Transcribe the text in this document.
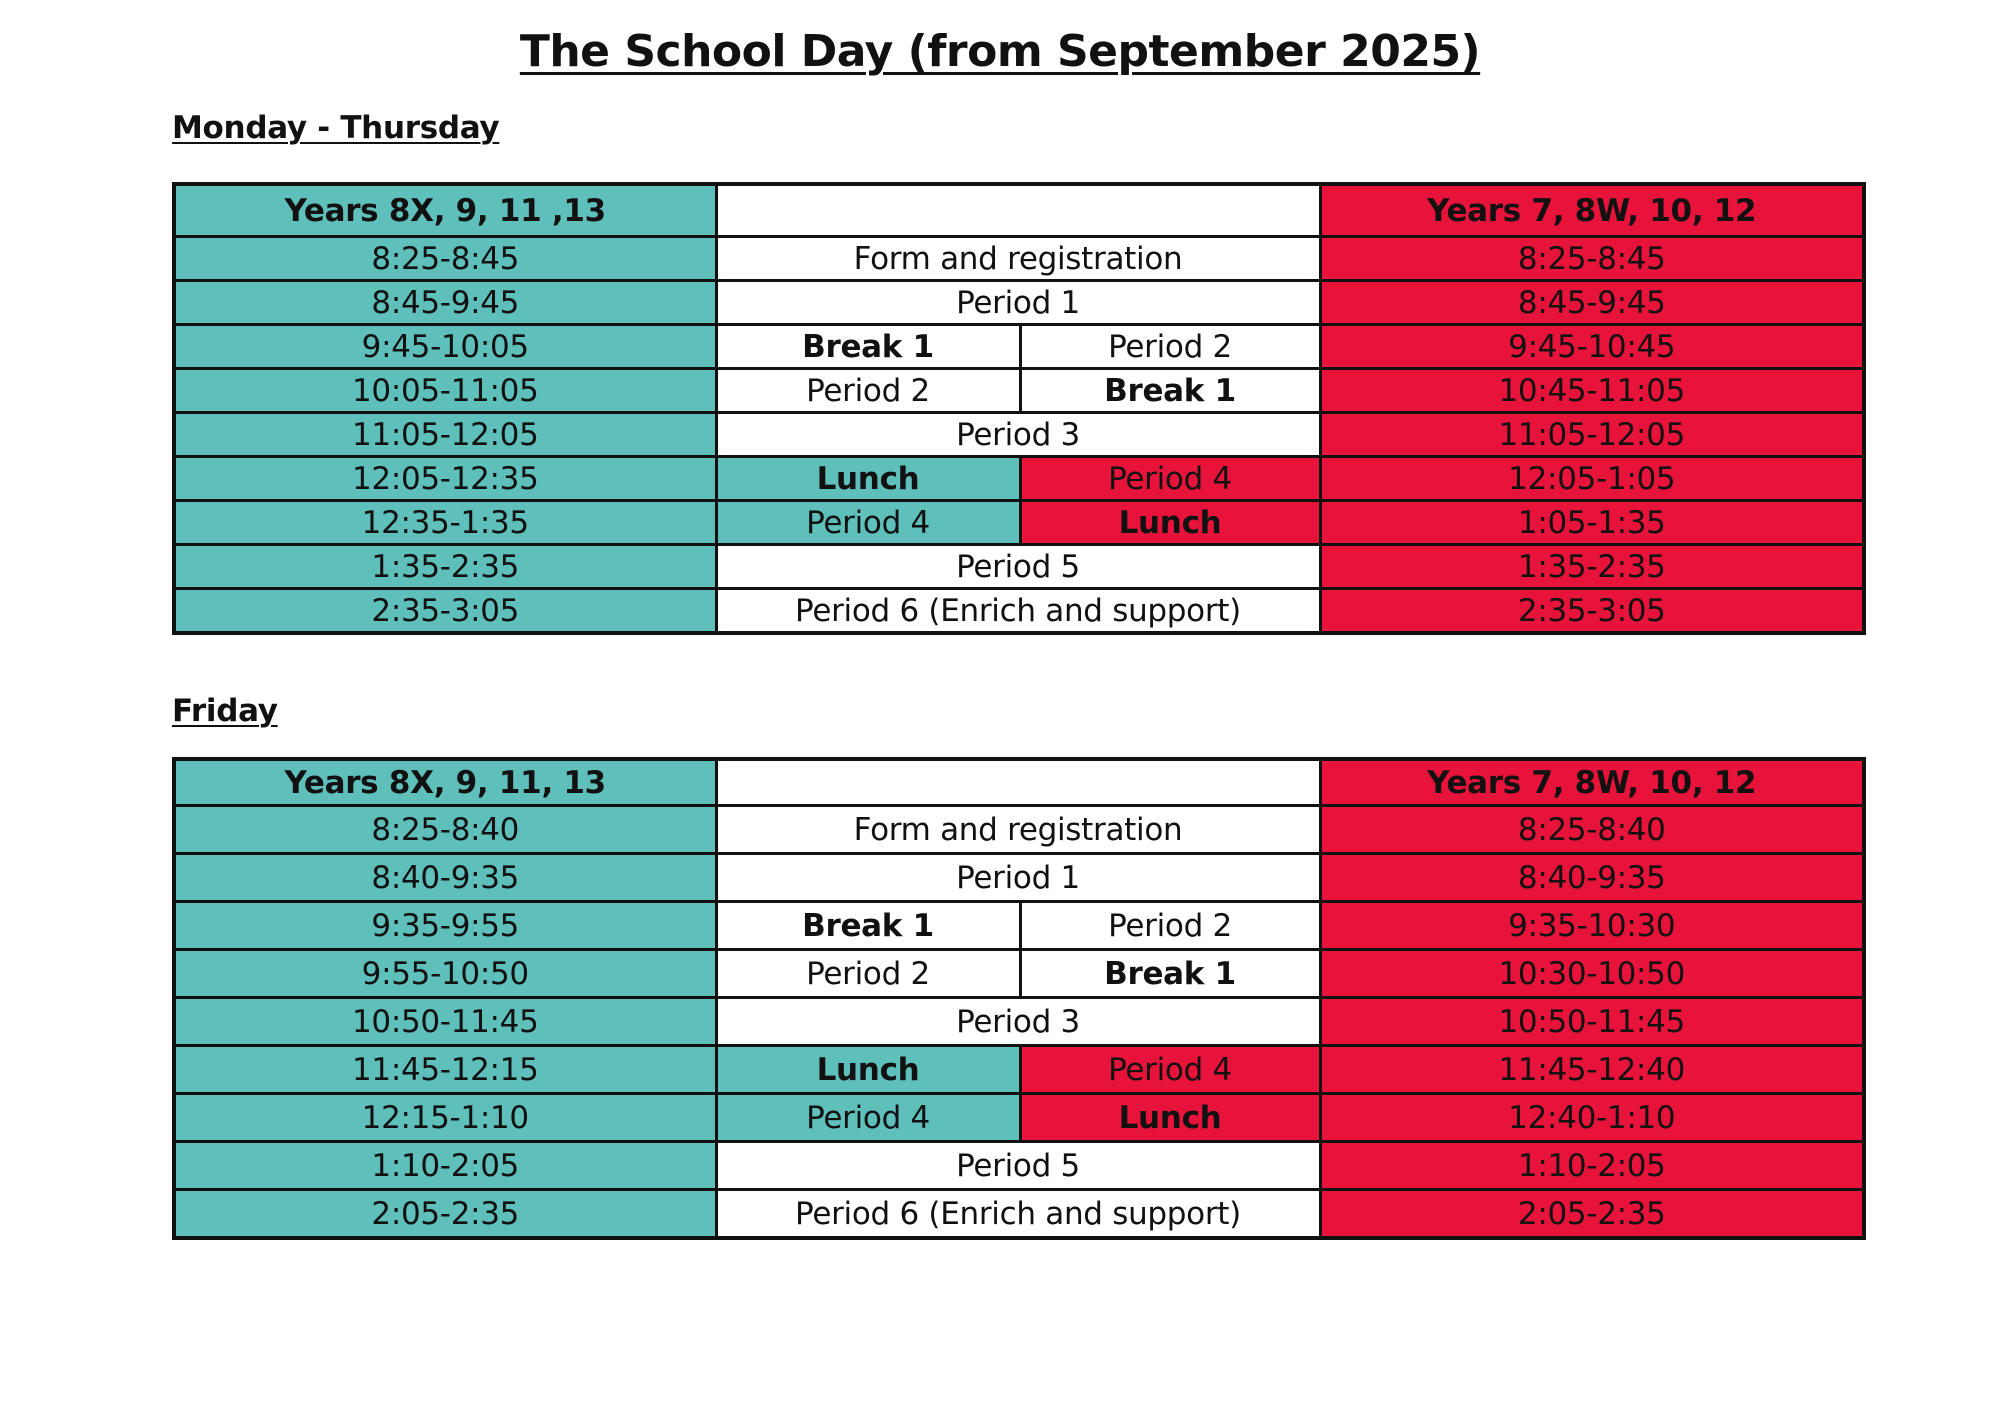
The School Day (from September 2025)
Monday - Thursday
Years 8X, 9, 11 ,13			Years 7, 8W, 10, 12
8:25-8:45	Form and registration		8:25-8:45
8:45-9:45	Period 1		8:45-9:45
9:45-10:05	Break 1	Period 2	9:45-10:45
10:05-11:05	Period 2	Break 1	10:45-11:05
11:05-12:05	Period 3		11:05-12:05
12:05-12:35	Lunch	Period 4	12:05-1:05
12:35-1:35	Period 4	Lunch	1:05-1:35
1:35-2:35	Period 5		1:35-2:35
2:35-3:05	Period 6 (Enrich and support)		2:35-3:05
Friday
Years 8X, 9, 11, 13			Years 7, 8W, 10, 12
8:25-8:40	Form and registration		8:25-8:40
8:40-9:35	Period 1		8:40-9:35
9:35-9:55	Break 1	Period 2	9:35-10:30
9:55-10:50	Period 2	Break 1	10:30-10:50
10:50-11:45	Period 3		10:50-11:45
11:45-12:15	Lunch	Period 4	11:45-12:40
12:15-1:10	Period 4	Lunch	12:40-1:10
1:10-2:05	Period 5		1:10-2:05
2:05-2:35	Period 6 (Enrich and support)		2:05-2:35
